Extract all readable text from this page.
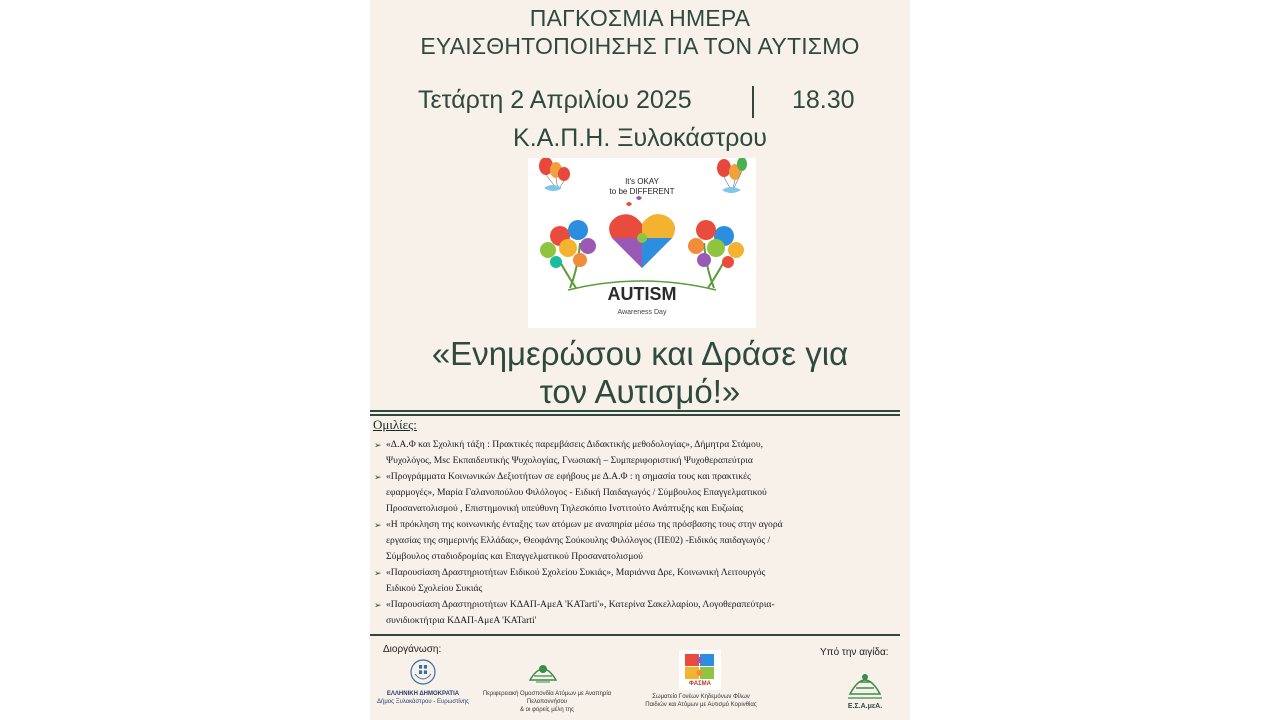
ΠΑΓΚΟΣΜΙΑ ΗΜΕΡΑ
ΕΥΑΙΣΘΗΤΟΠΟΙΗΣΗΣ ΓΙΑ ΤΟΝ ΑΥΤΙΣΜΟ
Τετάρτη 2 Απριλίου 2025	18.30
Κ.Α.Π.Η. Ξυλοκάστρου
It's OKAY
to be DIFFERENT
AUTISM
Awareness Day
«Ενημερώσου και Δράσε για
τον Αυτισμό!»
Ομιλίες:
➢ «Δ.Α.Φ και Σχολική τάξη : Πρακτικές παρεμβάσεις Διδακτικής μεθοδολογίας», Δήμητρα Στάμου,
Ψυχολόγος, Msc Εκπαιδευτικής Ψυχολογίας, Γνωσιακή – Συμπεριφοριστική Ψυχοθεραπεύτρια
➢ «Προγράμματα Κοινωνικών Δεξιοτήτων σε εφήβους με Δ.Α.Φ : η σημασία τους και πρακτικές
εφαρμογές», Μαρία Γαλανοπούλου Φιλόλογος - Ειδική Παιδαγωγός / Σύμβουλος Επαγγελματικού
Προσανατολισμού , Επιστημονική υπεύθυνη Τηλεσκόπιο Ινστιτούτο Ανάπτυξης και Ευζωίας
➢ «Η πρόκληση της κοινωνικής ένταξης των ατόμων με αναπηρία μέσω της πρόσβασης τους στην αγορά
εργασίας της σημερινής Ελλάδας», Θεοφάνης Σούκουλης Φιλόλογος (ΠΕ02) -Ειδικός παιδαγωγός /
Σύμβουλος σταδιοδρομίας και Επαγγελματικού Προσανατολισμού
➢ «Παρουσίαση Δραστηριοτήτων Ειδικού Σχολείου Συκιάς», Μαριάννα Δρε, Κοινωνική Λειτουργός
Ειδικού Σχολείου Συκιάς
➢ «Παρουσίαση Δραστηριοτήτων ΚΔΑΠ-ΑμεΑ 'KATarti'», Κατερίνα Σακελλαρίου, Λογοθεραπεύτρια-
συνιδιοκτήτρια ΚΔΑΠ-ΑμεΑ 'KATarti'
Διοργάνωση:	Υπό την αιγίδα:
ΕΛΛΗΝΙΚΗ ΔΗΜΟΚΡΑΤΙΑ
Δήμος Ξυλοκάστρου - Ευρωστίνης
Περιφερειακή Ομοσπονδία Ατόμων με Αναπηρία
Πελοποννήσου
& οι φορείς μέλη της
ΦΑΣΜΑ
Σωματείο Γονέων Κηδεμόνων Φίλων
Παιδιών και Ατόμων με Αυτισμό Κορινθίας	Ε.Σ.Α.μεΑ.
